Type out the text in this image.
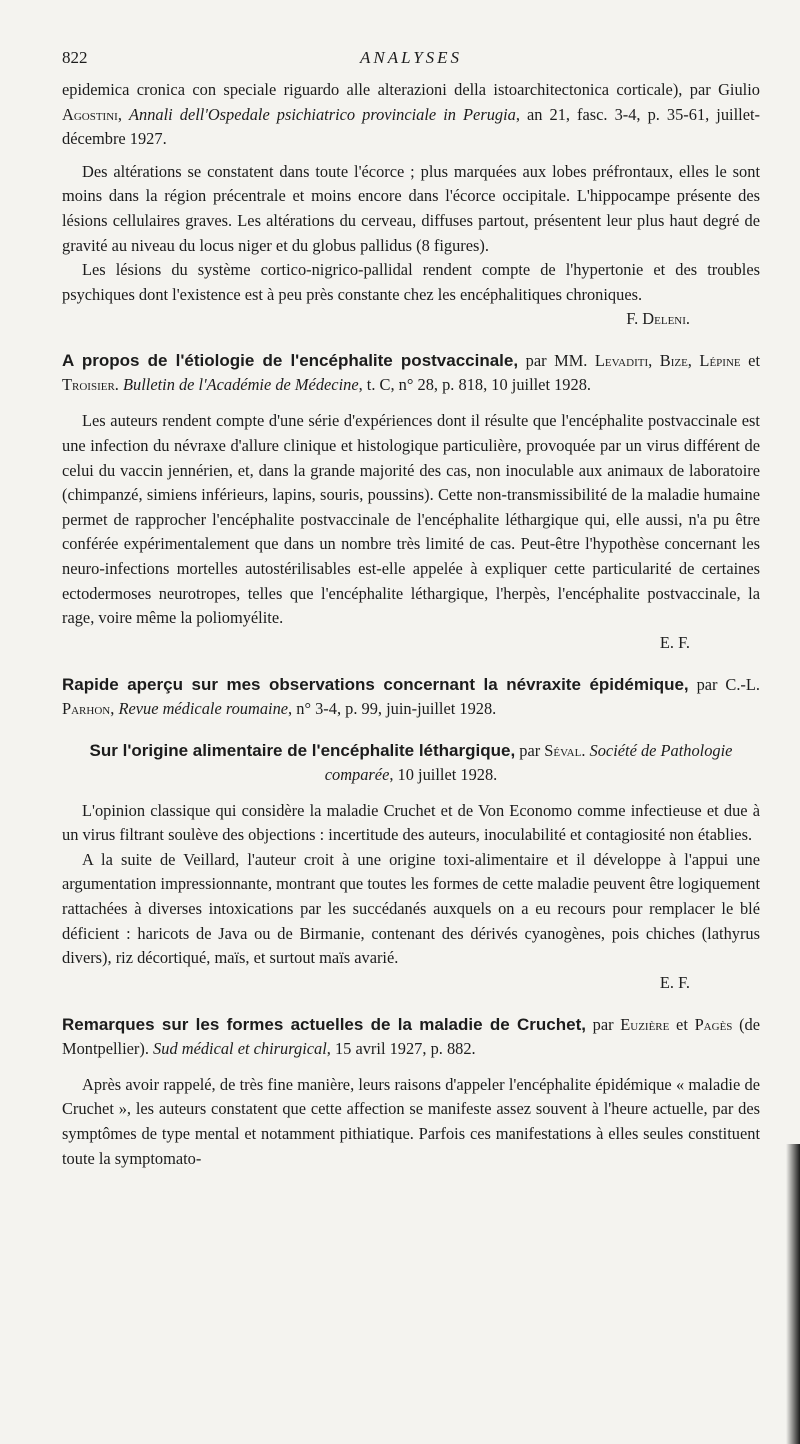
822	ANALYSES

epidemica cronica con speciale riguardo alle alterazioni della istoarchitectonica corticale), par Giulio Agostini, Annali dell'Ospedale psichiatrico provinciale in Perugia, an 21, fasc. 3-4, p. 35-61, juillet-décembre 1927.

Des altérations se constatent dans toute l'écorce ; plus marquées aux lobes préfrontaux, elles le sont moins dans la région précentrale et moins encore dans l'écorce occipitale. L'hippocampe présente des lésions cellulaires graves. Les altérations du cerveau, diffuses partout, présentent leur plus haut degré de gravité au niveau du locus niger et du globus pallidus (8 figures).

Les lésions du système cortico-nigrico-pallidal rendent compte de l'hypertonie et des troubles psychiques dont l'existence est à peu près constante chez les encéphalitiques chroniques.

F. Deleni.
A propos de l'étiologie de l'encéphalite postvaccinale, par MM. Levaditi, Bize, Lépine et Troisier. Bulletin de l'Académie de Médecine, t. C, n° 28, p. 818, 10 juillet 1928.

Les auteurs rendent compte d'une série d'expériences dont il résulte que l'encéphalite postvaccinale est une infection du névraxe d'allure clinique et histologique particulière, provoquée par un virus différent de celui du vaccin jennérien, et, dans la grande majorité des cas, non inoculable aux animaux de laboratoire (chimpanzé, simiens inférieurs, lapins, souris, poussins). Cette non-transmissibilité de la maladie humaine permet de rapprocher l'encéphalite postvaccinale de l'encéphalite léthargique qui, elle aussi, n'a pu être conférée expérimentalement que dans un nombre très limité de cas. Peut-être l'hypothèse concernant les neuro-infections mortelles autostérilisables est-elle appelée à expliquer cette particularité de certaines ectodermoses neurotropes, telles que l'encéphalite léthargique, l'herpès, l'encéphalite postvaccinale, la rage, voire même la poliomyélite.

E. F.
Rapide aperçu sur mes observations concernant la névraxite épidémique, par C.-L. Parhon, Revue médicale roumaine, n° 3-4, p. 99, juin-juillet 1928.
Sur l'origine alimentaire de l'encéphalite léthargique, par Séval. Société de Pathologie comparée, 10 juillet 1928.

L'opinion classique qui considère la maladie Cruchet et de Von Economo comme infectieuse et due à un virus filtrant soulève des objections : incertitude des auteurs, inoculabilité et contagiosité non établies.

A la suite de Veillard, l'auteur croit à une origine toxi-alimentaire et il développe à l'appui une argumentation impressionnante, montrant que toutes les formes de cette maladie peuvent être logiquement rattachées à diverses intoxications par les succédanés auxquels on a eu recours pour remplacer le blé déficient : haricots de Java ou de Birmanie, contenant des dérivés cyanogènes, pois chiches (lathyrus divers), riz décortiqué, maïs, et surtout maïs avarié.

E. F.
Remarques sur les formes actuelles de la maladie de Cruchet, par Euzière et Pagès (de Montpellier). Sud médical et chirurgical, 15 avril 1927, p. 882.

Après avoir rappelé, de très fine manière, leurs raisons d'appeler l'encéphalite épidémique « maladie de Cruchet », les auteurs constatent que cette affection se manifeste assez souvent à l'heure actuelle, par des symptômes de type mental et notamment pithiatique. Parfois ces manifestations à elles seules constituent toute la symptomato-
